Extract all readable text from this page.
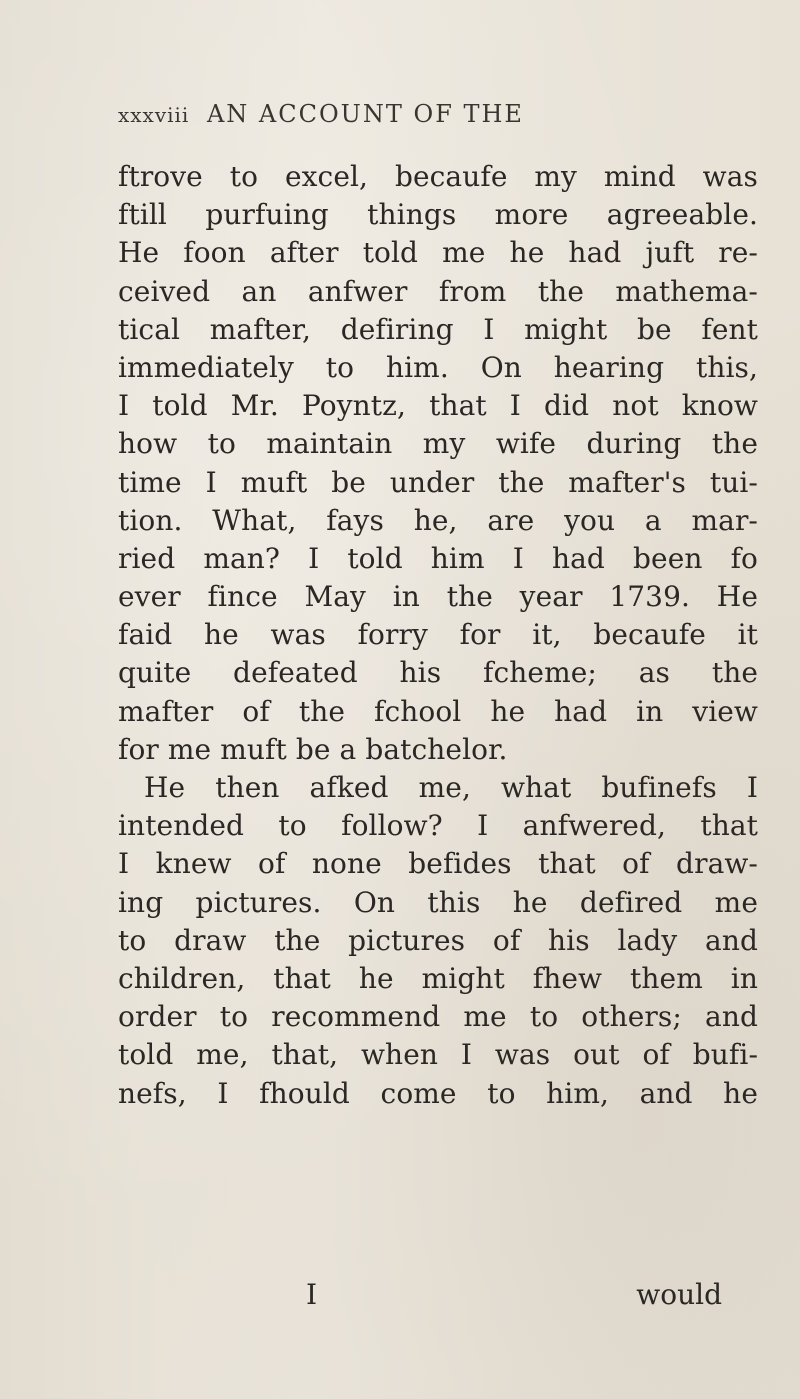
xxxviii AN ACCOUNT OF THE
ftrove to excel, becaufe my mind was
ftill purfuing things more agreeable.
He foon after told me he had juft re-
ceived an anfwer from the mathema-
tical mafter, defiring I might be fent
immediately to him. On hearing this,
I told Mr. Poyntz, that I did not know
how to maintain my wife during the
time I muft be under the mafter's tui-
tion. What, fays he, are you a mar-
ried man? I told him I had been fo
ever fince May in the year 1739. He
faid he was forry for it, becaufe it
quite defeated his fcheme; as the
mafter of the fchool he had in view
for me muft be a batchelor.
He then afked me, what bufinefs I
intended to follow? I anfwered, that
I knew of none befides that of draw-
ing pictures. On this he defired me
to draw the pictures of his lady and
children, that he might fhew them in
order to recommend me to others; and
told me, that, when I was out of bufi-
nefs, I fhould come to him, and he
I	would
